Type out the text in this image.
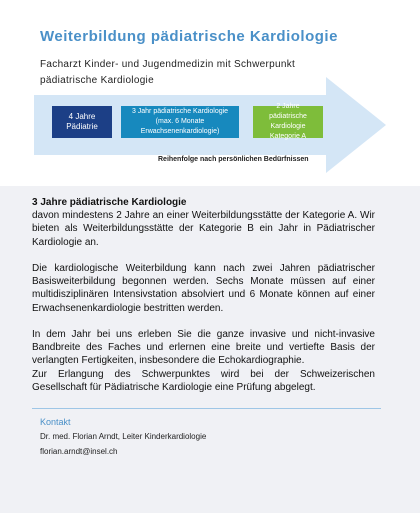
Weiterbildung pädiatrische Kardiologie
Facharzt Kinder- und Jugendmedizin mit Schwerpunkt pädiatrische Kardiologie
4 Jahre Pädiatrie
3 Jahr pädiatrische Kardiologie (max. 6 Monate Erwachsenenkardiologie)
2 Jahre pädiatrische Kardiologie Kategorie A
Reihenfolge nach persönlichen Bedürfnissen
3 Jahre pädiatrische Kardiologie

davon mindestens 2 Jahre an einer Weiterbildungsstätte der Kategorie A. Wir bieten als Weiterbildungsstätte der Kategorie B ein Jahr in Pädiatrischer Kardiologie an.

Die kardiologische Weiterbildung kann nach zwei Jahren pädiatrischer Basisweiterbildung begonnen werden. Sechs Monate müssen auf einer multidisziplinären Intensivstation absolviert und 6 Monate können auf einer Erwachsenenkardiologie bestritten werden.

In dem Jahr bei uns erleben Sie die ganze invasive und nicht-invasive Bandbreite des Faches und erlernen eine breite und vertiefte Basis der verlangten Fertigkeiten, insbesondere die Echokardiographie.
Zur Erlangung des Schwerpunktes wird bei der Schweizerischen Gesellschaft für Pädiatrische Kardiologie eine Prüfung abgelegt.
Kontakt
Dr. med. Florian Arndt, Leiter Kinderkardiologie
florian.arndt@insel.ch
